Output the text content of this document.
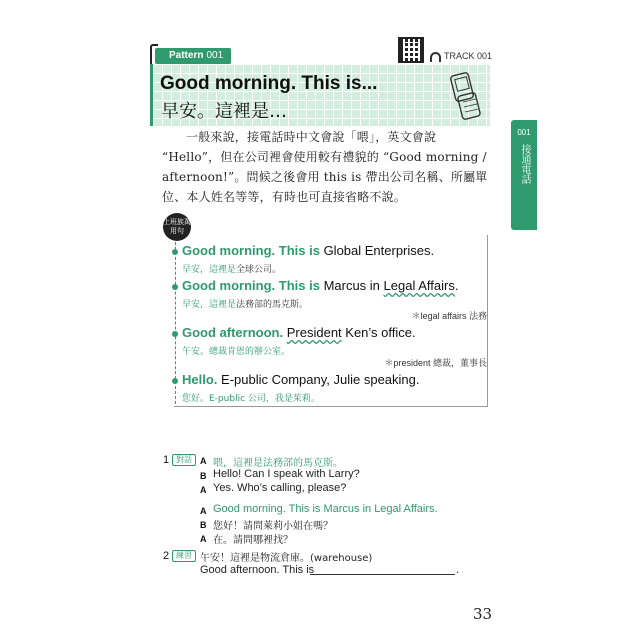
Pattern 001	TRACK 001
Good morning. This is...
早安。這裡是…
001
接通電話

一般來說，接電話時中文會說「喂」，英文會說 “Hello”，但在公司裡會使用較有禮貌的 “Good morning / afternoon!”。問候之後會用 this is 帶出公司名稱、所屬單位、本人姓名等等，有時也可直接省略不說。

上班族萬用句
Good morning. This is Global Enterprises.
早安，這裡是全球公司。
Good morning. This is Marcus in Legal Affairs.
早安，這裡是法務部的馬克斯。
＊legal affairs 法務
Good afternoon. President Ken’s office.
午安。總裁肯恩的辦公室。
＊president 總裁，董事長
Hello. E-public Company, Julie speaking.
您好。E-public 公司，我是茱莉。
1 對話 A 喂，這裡是法務部的馬克斯。
B Hello! Can I speak with Larry?
A Yes. Who’s calling, please?
A Good morning. This is Marcus in Legal Affairs.
B 您好！請問萊莉小姐在嗎？
A 在。請問哪裡找？
2 練習 午安！這裡是物流倉庫。(warehouse)
Good afternoon. This is	.
33
